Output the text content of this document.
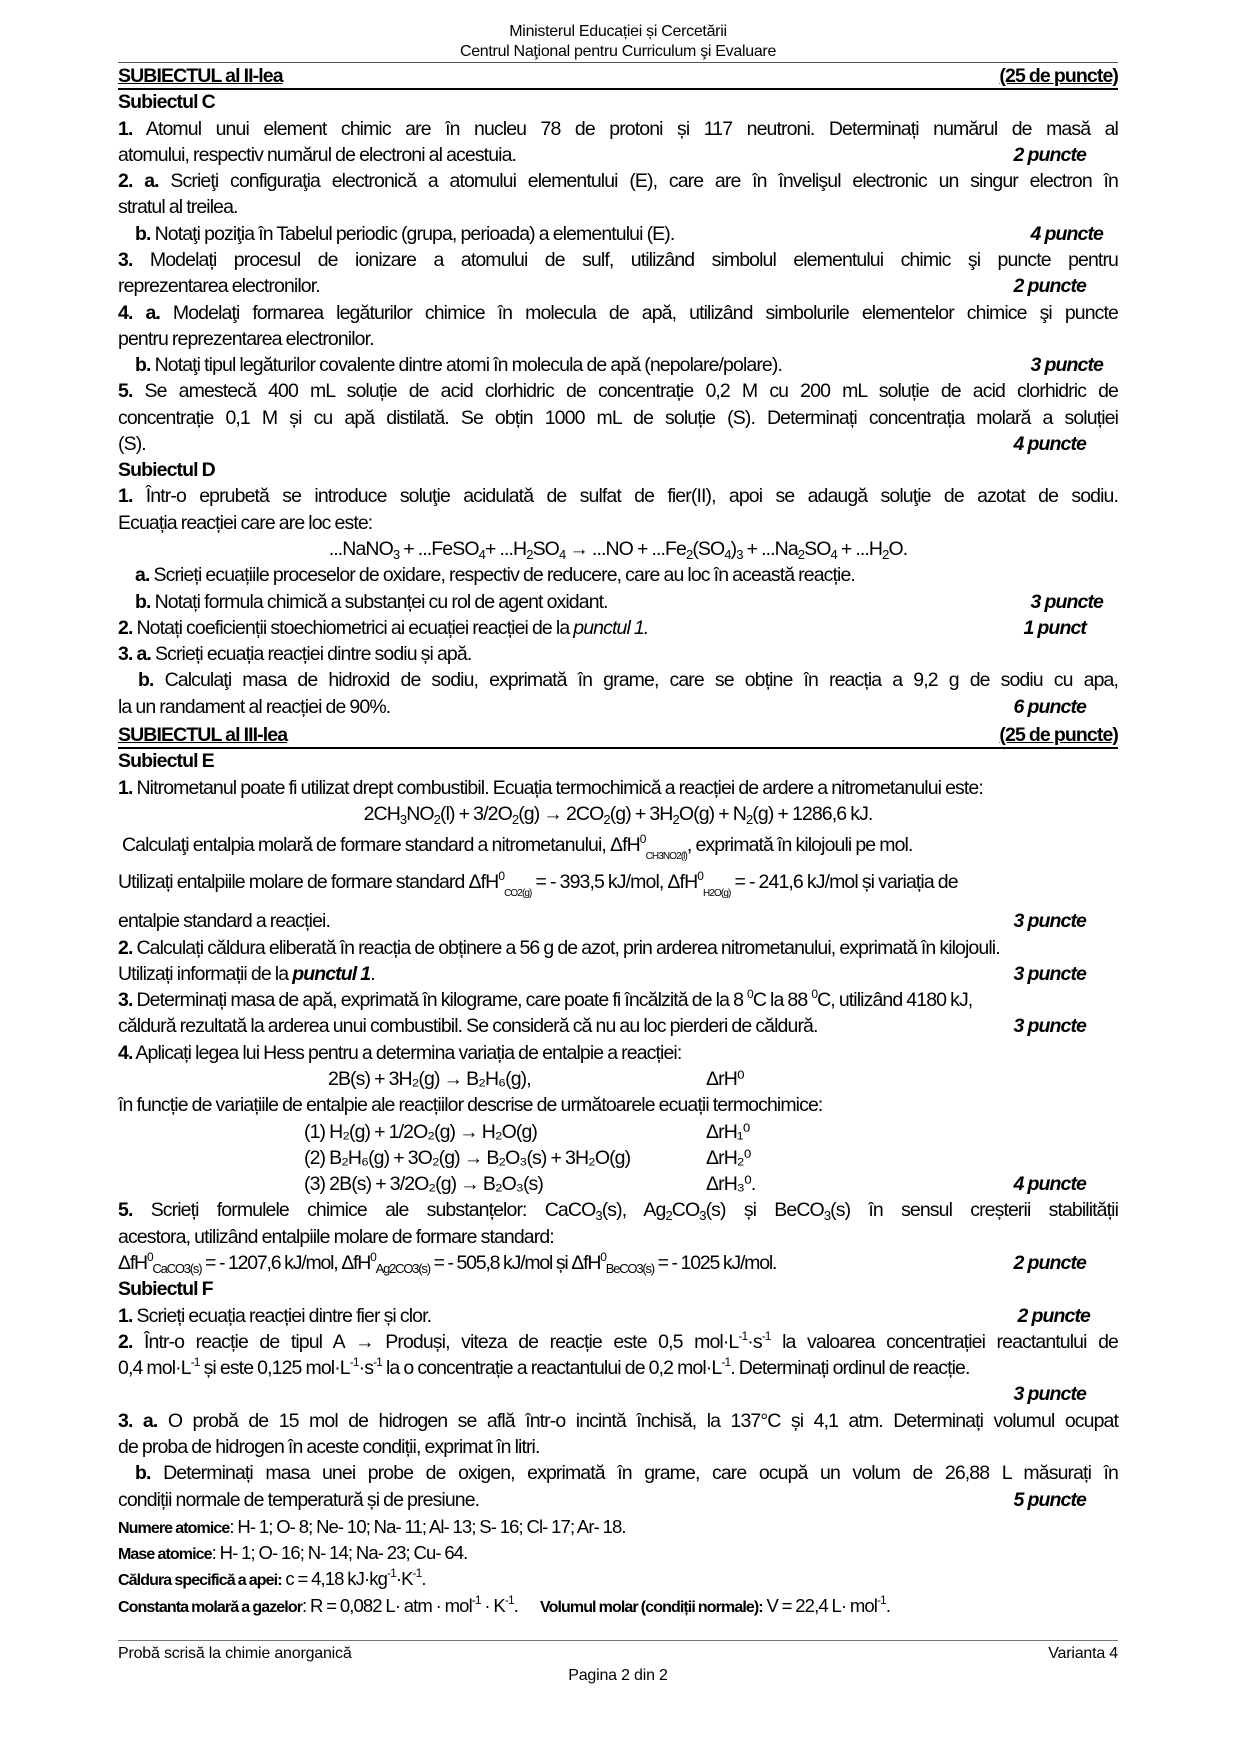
Ministerul Educației și Cercetării
Centrul Naţional pentru Curriculum şi Evaluare
SUBIECTUL al II-lea	(25 de puncte)
Subiectul C
1. Atomul unui element chimic are în nucleu 78 de protoni și 117 neutroni. Determinați numărul de masă al
atomului, respectiv numărul de electroni al acestuia.	2 puncte
2. a. Scrieţi configuraţia electronică a atomului elementului (E), care are în învelişul electronic un singur electron în
stratul al treilea.
b. Notaţi poziţia în Tabelul periodic (grupa, perioada) a elementului (E).	4 puncte
3. Modelați procesul de ionizare a atomului de sulf, utilizând simbolul elementului chimic şi puncte pentru
reprezentarea electronilor.	2 puncte
4. a. Modelaţi formarea legăturilor chimice în molecula de apă, utilizând simbolurile elementelor chimice şi puncte
pentru reprezentarea electronilor.
b. Notaţi tipul legăturilor covalente dintre atomi în molecula de apă (nepolare/polare).	3 puncte
5. Se amestecă 400 mL soluție de acid clorhidric de concentrație 0,2 M cu 200 mL soluție de acid clorhidric de
concentrație 0,1 M și cu apă distilată. Se obțin 1000 mL de soluție (S). Determinați concentrația molară a soluției
(S).	4 puncte
Subiectul D
1. Într-o eprubetă se introduce soluţie acidulată de sulfat de fier(II), apoi se adaugă soluţie de azotat de sodiu.
Ecuația reacției care are loc este:
...NaNO$_3$ + ...FeSO$_4$+ $...H_2SO_4 \to ...NO + ...Fe_2(SO_4)_3 + ...Na_2SO_4 + ...H_2O$.
a. Scrieți ecuațiile proceselor de oxidare, respectiv de reducere, care au loc în această reacție.
b. Notați formula chimică a substanței cu rol de agent oxidant.	3 puncte
2. Notați coeficienții stoechiometrici ai ecuației reacției de la punctul 1.	1 punct
3. a. Scrieți ecuația reacției dintre sodiu și apă.
b. Calculaţi masa de hidroxid de sodiu, exprimată în grame, care se obține în reacția a 9,2 g de sodiu cu apa,
la un randament al reacției de 90%.	6 puncte
SUBIECTUL al III-lea	(25 de puncte)
Subiectul E
1. Nitrometanul poate fi utilizat drept combustibil. Ecuația termochimică a reacției de ardere a nitrometanului este:
$2CH_3NO_2(l) + 3/2O_2(g) \to 2CO_2(g) + 3H_2O(g) + N_2(g) + 1286,6$ kJ.
Calculaţi entalpia molară de formare standard a nitrometanului, ΔfH$^0_{CH3NO2(l)}$, exprimată în kilojouli pe mol.
Utilizați entalpiile molare de formare standard ΔfH$^0_{CO2(g)}$ = - 393,5 kJ/mol, ΔfH$^0_{H2O(g)}$ = - 241,6 kJ/mol și variația de
entalpie standard a reacției.	3 puncte
2. Calculați căldura eliberată în reacția de obținere a 56 g de azot, prin arderea nitrometanului, exprimată în kilojouli.
Utilizați informații de la punctul 1.	3 puncte
3. Determinați masa de apă, exprimată în kilograme, care poate fi încălzită de la 8 $^0$C la 88 $^0$C, utilizând 4180 kJ,
căldură rezultată la arderea unui combustibil. Se consideră că nu au loc pierderi de căldură.	3 puncte
4. Aplicați legea lui Hess pentru a determina variația de entalpie a reacției:
2B(s) + 3H₂(g) → B₂H₆(g),	ΔrH⁰
în funcție de variațiile de entalpie ale reacțiilor descrise de următoarele ecuații termochimice:
(1) H₂(g) + 1/2O₂(g) → H₂O(g)	ΔrH₁⁰
(2) B₂H₆(g) + 3O₂(g) → B₂O₃(s) + 3H₂O(g)	ΔrH₂⁰
(3) 2B(s) + 3/2O₂(g) → B₂O₃(s)	ΔrH₃⁰.	4 puncte
5. Scrieți formulele chimice ale substanțelor: CaCO$_3$(s), $Ag_2CO_3(s)$ și BeCO$_3$(s) în sensul creșterii stabilității
acestora, utilizând entalpiile molare de formare standard:
ΔfH$^0_{CaCO3(s)}$ = - 1207,6 kJ/mol, ΔfH$^0_{Ag2CO3(s)}$ = - 505,8 kJ/mol și ΔfH$^0_{BeCO3(s)}$ = - 1025 kJ/mol.	2 puncte
Subiectul F
1. Scrieți ecuația reacției dintre fier și clor.	2 puncte
2. Într-o reacție de tipul A → Produși, viteza de reacție este 0,5 $mol\cdot L^{-1}\cdot s^{-1}$ la valoarea concentrației reactantului de
0,4 $mol\cdot L^{-1}$ și este 0,125 $mol\cdot L^{-1}\cdot s^{-1}$ la o concentrație a reactantului de 0,2 $mol\cdot L^{-1}$. Determinați ordinul de reacție.
3 puncte
3. a. O probă de 15 mol de hidrogen se află într-o incintă închisă, la 137°C și 4,1 atm. Determinați volumul ocupat
de proba de hidrogen în aceste condiții, exprimat în litri.
b. Determinați masa unei probe de oxigen, exprimată în grame, care ocupă un volum de 26,88 L măsurați în
condiții normale de temperatură și de presiune.	5 puncte
Numere atomice: H- 1; O- 8; Ne- 10; Na- 11; Al- 13; S- 16; Cl- 17; Ar- 18.
Mase atomice: H- 1; O- 16; N- 14; Na- 23; Cu- 64.
Căldura specifică a apei: c = 4,18 $kJ\cdot kg^{-1}\cdot K^{-1}$.
Constanta molară a gazelor: R = 0,082 L· atm · $mol^{-1} \cdot K^{-1}$. Volumul molar (condiții normale): V = 22,4 L· mol$^{-1}$.
Probă scrisă la chimie anorganică	Varianta 4
Pagina 2 din 2
